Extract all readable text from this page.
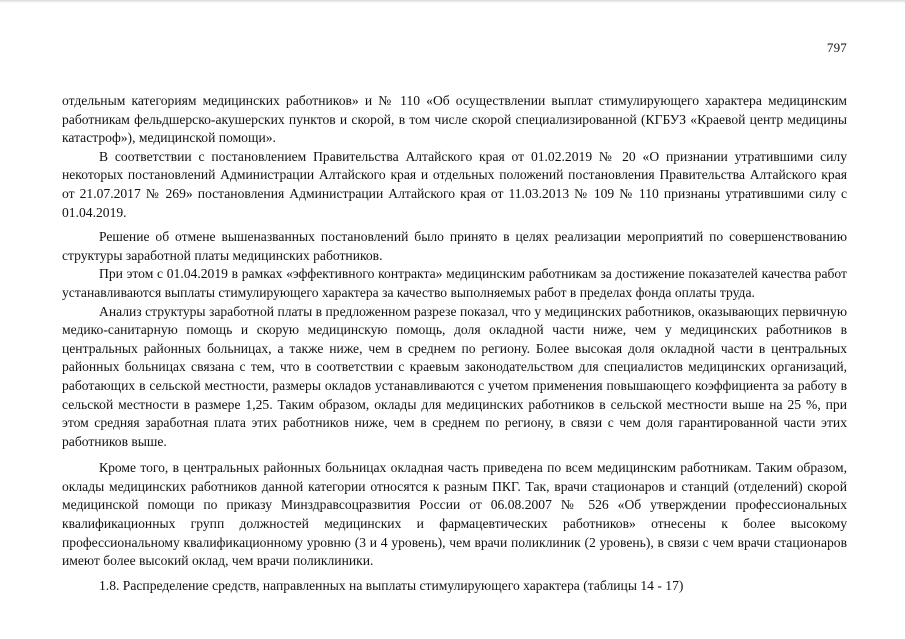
797

отдельным категориям медицинских работников» и № 110 «Об осуществлении выплат стимулирующего характера медицинским работникам фельдшерско-акушерских пунктов и скорой, в том числе скорой специализированной (КГБУЗ «Краевой центр медицины катастроф»), медицинской помощи».

В соответствии с постановлением Правительства Алтайского края от 01.02.2019 № 20 «О признании утратившими силу некоторых постановлений Администрации Алтайского края и отдельных положений постановления Правительства Алтайского края от 21.07.2017 № 269» постановления Администрации Алтайского края от 11.03.2013 № 109 № 110 признаны утратившими силу с 01.04.2019.

Решение об отмене вышеназванных постановлений было принято в целях реализации мероприятий по совершенствованию структуры заработной платы медицинских работников.

При этом с 01.04.2019 в рамках «эффективного контракта» медицинским работникам за достижение показателей качества работ устанавливаются выплаты стимулирующего характера за качество выполняемых работ в пределах фонда оплаты труда.

Анализ структуры заработной платы в предложенном разрезе показал, что у медицинских работников, оказывающих первичную медико-санитарную помощь и скорую медицинскую помощь, доля окладной части ниже, чем у медицинских работников в центральных районных больницах, а также ниже, чем в среднем по региону. Более высокая доля окладной части в центральных районных больницах связана с тем, что в соответствии с краевым законодательством для специалистов медицинских организаций, работающих в сельской местности, размеры окладов устанавливаются с учетом применения повышающего коэффициента за работу в сельской местности в размере 1,25. Таким образом, оклады для медицинских работников в сельской местности выше на 25 %, при этом средняя заработная плата этих работников ниже, чем в среднем по региону, в связи с чем доля гарантированной части этих работников выше.

Кроме того, в центральных районных больницах окладная часть приведена по всем медицинским работникам. Таким образом, оклады медицинских работников данной категории относятся к разным ПКГ. Так, врачи стационаров и станций (отделений) скорой медицинской помощи по приказу Минздравсоцразвития России от 06.08.2007 № 526 «Об утверждении профессиональных квалификационных групп должностей медицинских и фармацевтических работников» отнесены к более высокому профессиональному квалификационному уровню (3 и 4 уровень), чем врачи поликлиник (2 уровень), в связи с чем врачи стационаров имеют более высокий оклад, чем врачи поликлиники.

1.8. Распределение средств, направленных на выплаты стимулирующего характера (таблицы 14 - 17)
